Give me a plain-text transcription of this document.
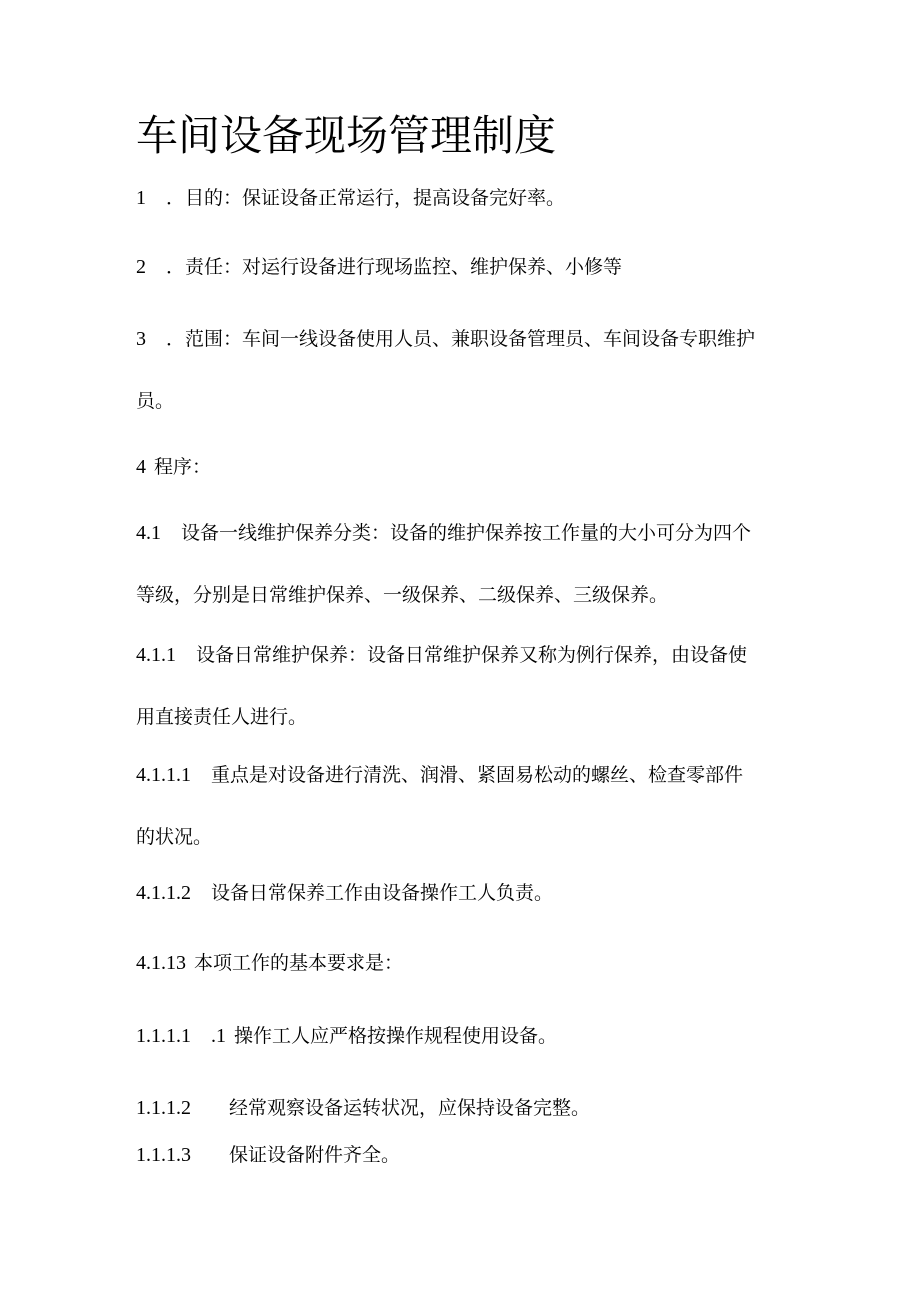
车间设备现场管理制度

1 ．目的：保证设备正常运行，提高设备完好率。

2 ．责任：对运行设备进行现场监控、维护保养、小修等

3 ．范围：车间一线设备使用人员、兼职设备管理员、车间设备专职维护
员。

4 程序：

4.1 设备一线维护保养分类：设备的维护保养按工作量的大小可分为四个
等级，分别是日常维护保养、一级保养、二级保养、三级保养。

4.1.1 设备日常维护保养：设备日常维护保养又称为例行保养，由设备使
用直接责任人进行。

4.1.1.1 重点是对设备进行清洗、润滑、紧固易松动的螺丝、检查零部件
的状况。

4.1.1.2 设备日常保养工作由设备操作工人负责。

4.1.13 本项工作的基本要求是：

1.1.1.1 .1 操作工人应严格按操作规程使用设备。

1.1.1.2 经常观察设备运转状况，应保持设备完整。

1.1.1.3 保证设备附件齐全。
